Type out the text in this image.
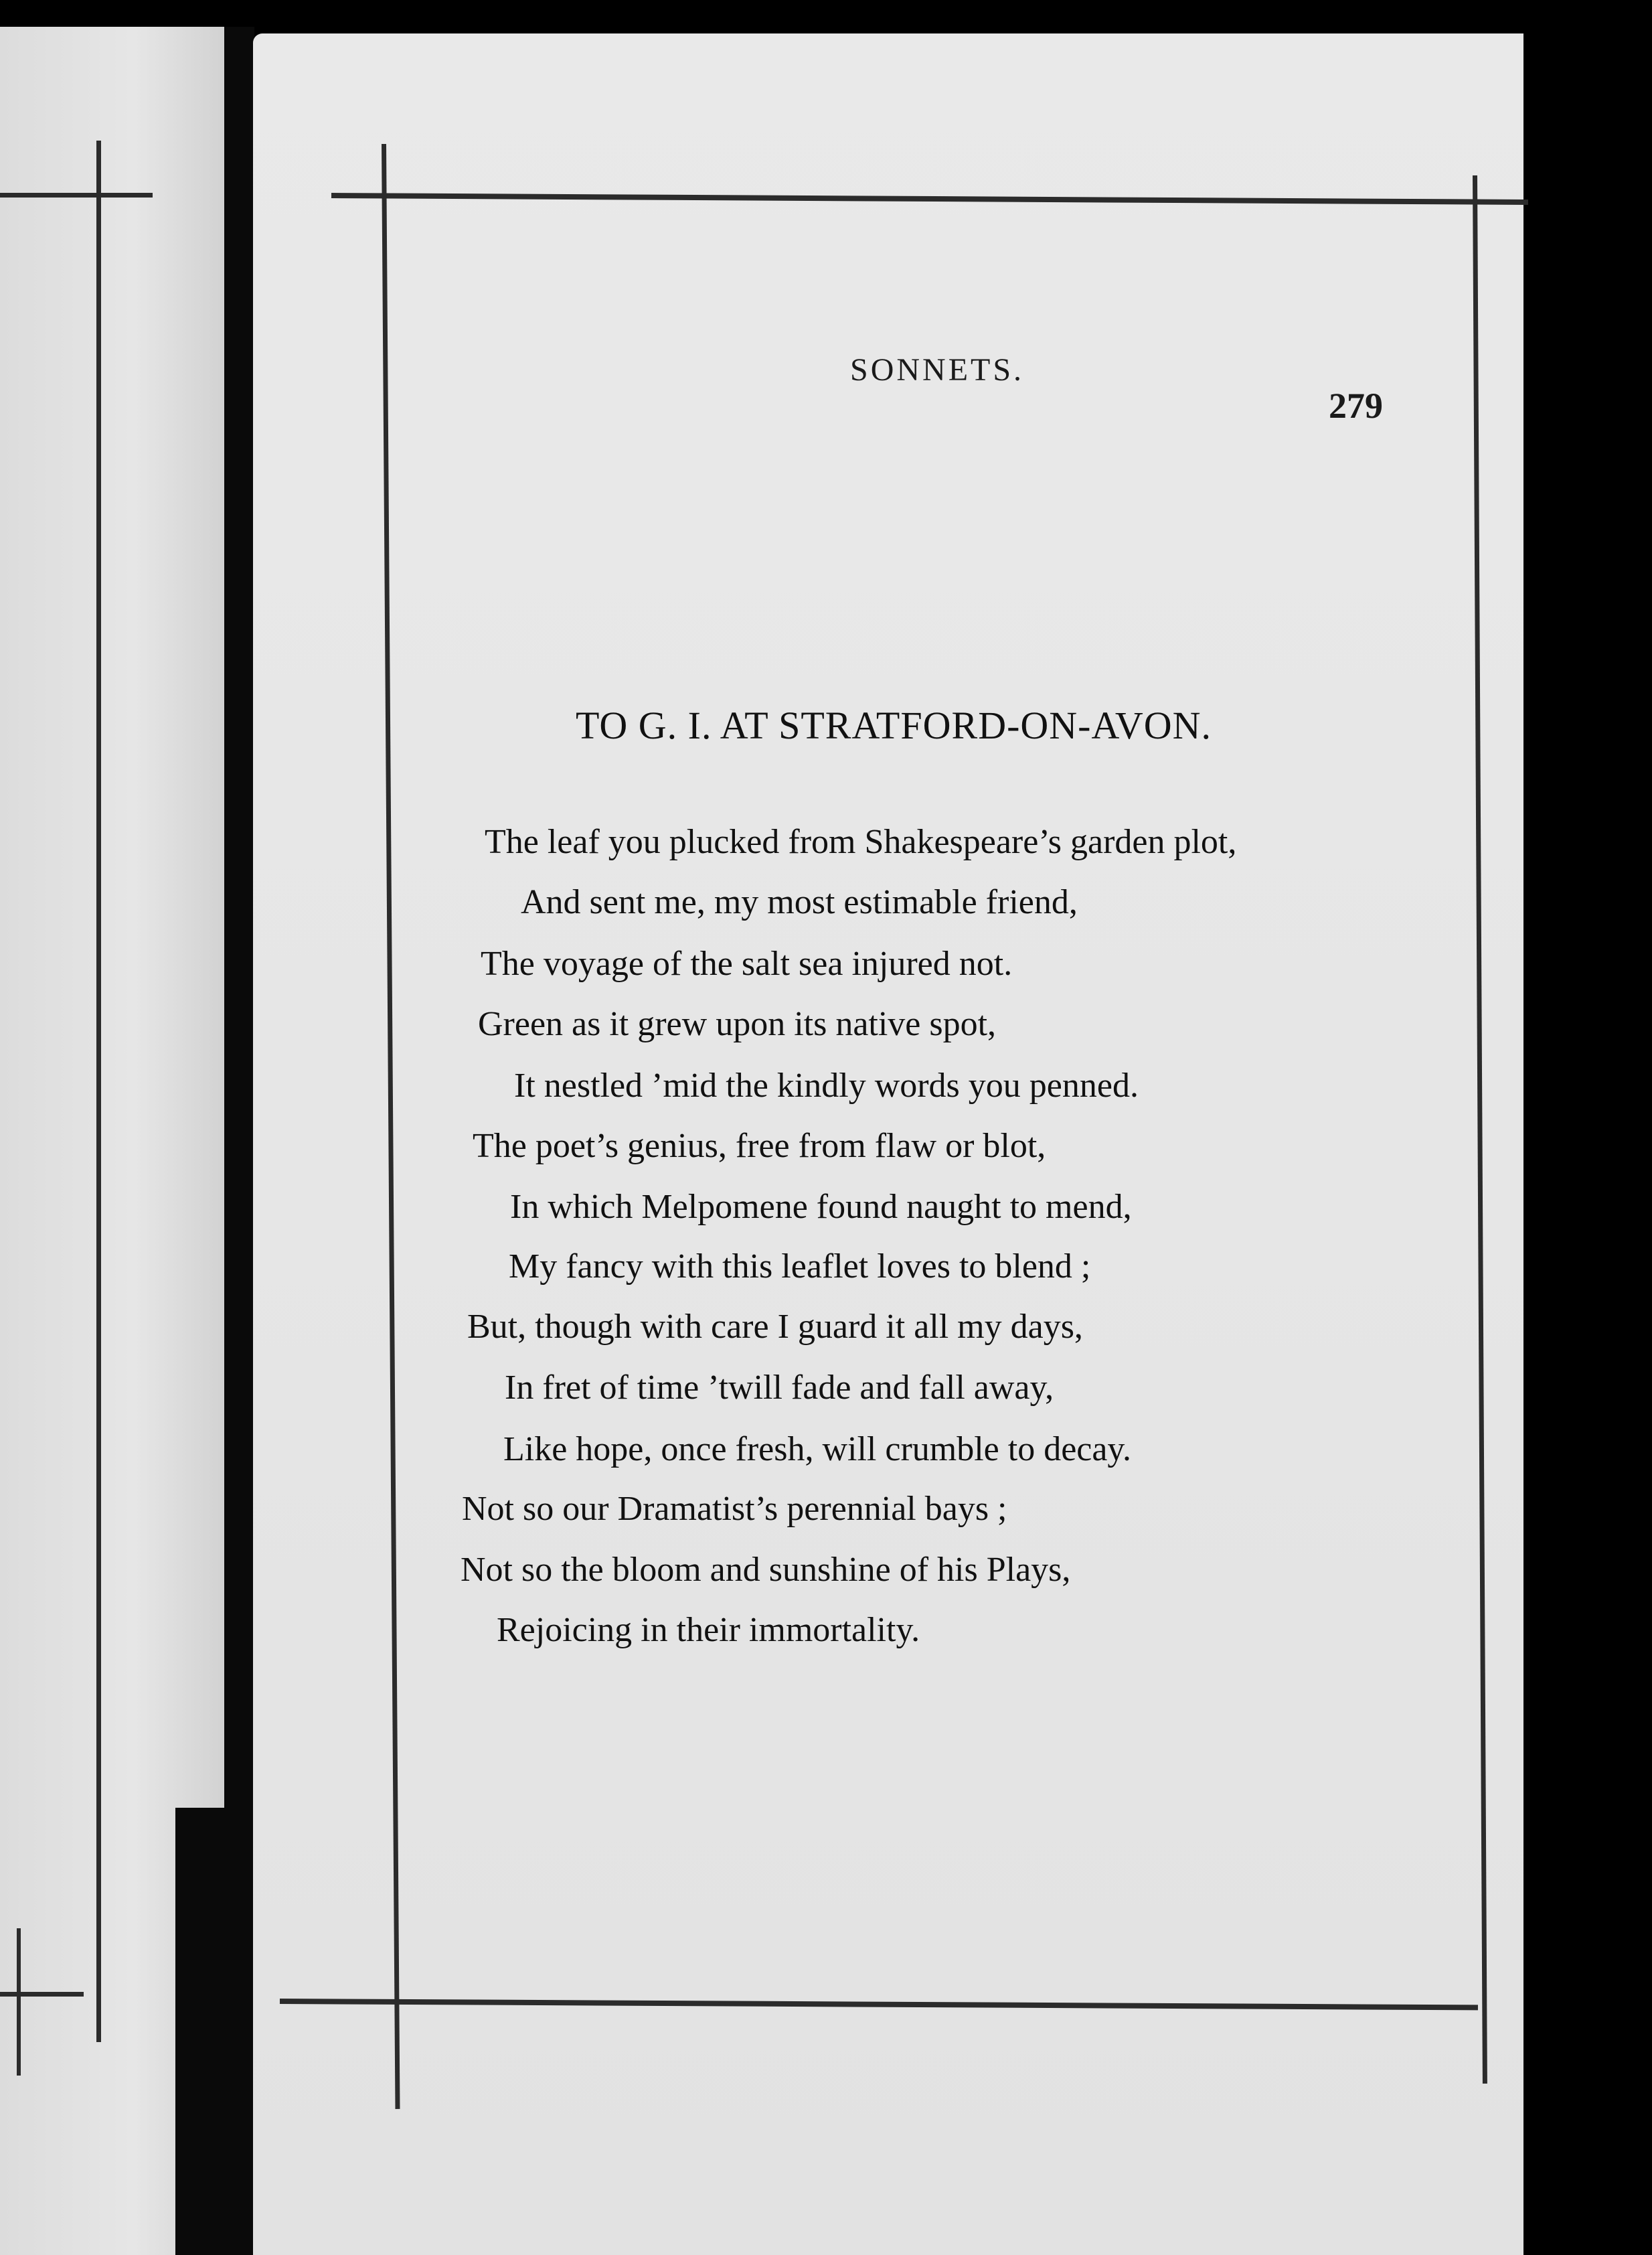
SONNETS.
279
TO G. I. AT STRATFORD-ON-AVON.
The leaf you plucked from Shakespeare’s garden plot,
And sent me, my most estimable friend,
The voyage of the salt sea injured not.
Green as it grew upon its native spot,
It nestled ’mid the kindly words you penned.
The poet’s genius, free from flaw or blot,
In which Melpomene found naught to mend,
My fancy with this leaflet loves to blend ;
But, though with care I guard it all my days,
In fret of time ’twill fade and fall away,
Like hope, once fresh, will crumble to decay.
Not so our Dramatist’s perennial bays ;
Not so the bloom and sunshine of his Plays,
Rejoicing in their immortality.
